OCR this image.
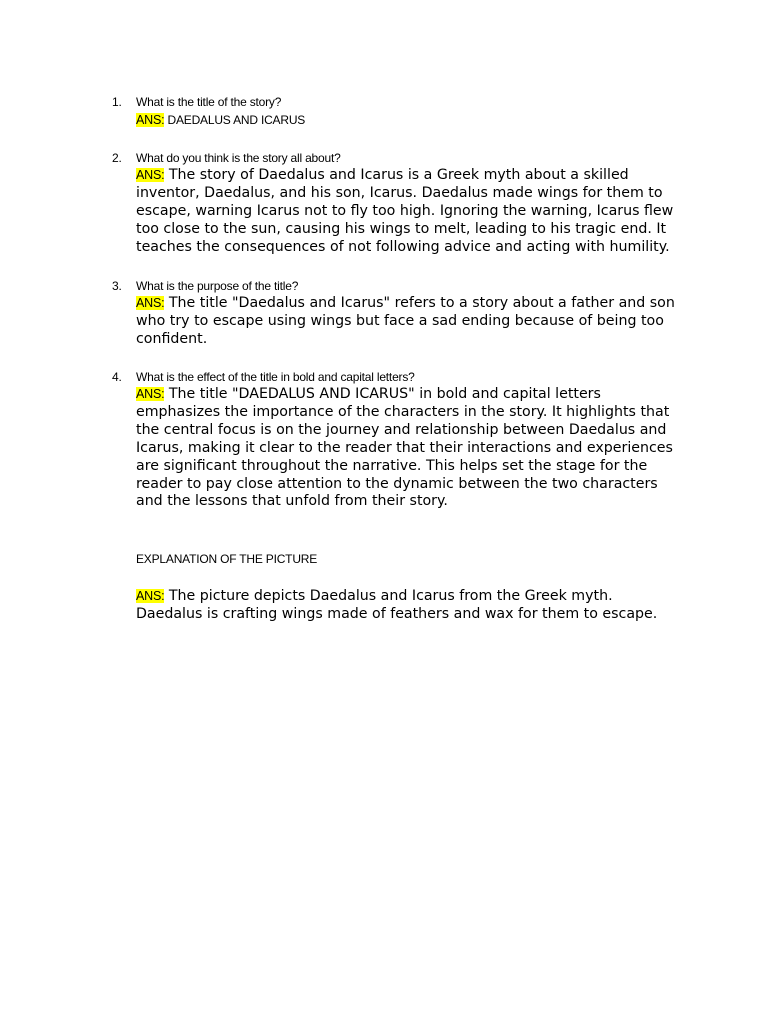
1.	What is the title of the story?
ANS: DAEDALUS AND ICARUS
2.	What do you think is the story all about?
ANS: The story of Daedalus and Icarus is a Greek myth about a skilled inventor, Daedalus, and his son, Icarus. Daedalus made wings for them to escape, warning Icarus not to fly too high. Ignoring the warning, Icarus flew too close to the sun, causing his wings to melt, leading to his tragic end. It teaches the consequences of not following advice and acting with humility.
3.	What is the purpose of the title?
ANS: The title "Daedalus and Icarus" refers to a story about a father and son who try to escape using wings but face a sad ending because of being too confident.
4.	What is the effect of the title in bold and capital letters?
ANS: The title "DAEDALUS AND ICARUS" in bold and capital letters emphasizes the importance of the characters in the story. It highlights that the central focus is on the journey and relationship between Daedalus and Icarus, making it clear to the reader that their interactions and experiences are significant throughout the narrative. This helps set the stage for the reader to pay close attention to the dynamic between the two characters and the lessons that unfold from their story.
EXPLANATION OF THE PICTURE
ANS: The picture depicts Daedalus and Icarus from the Greek myth. Daedalus is crafting wings made of feathers and wax for them to escape.
